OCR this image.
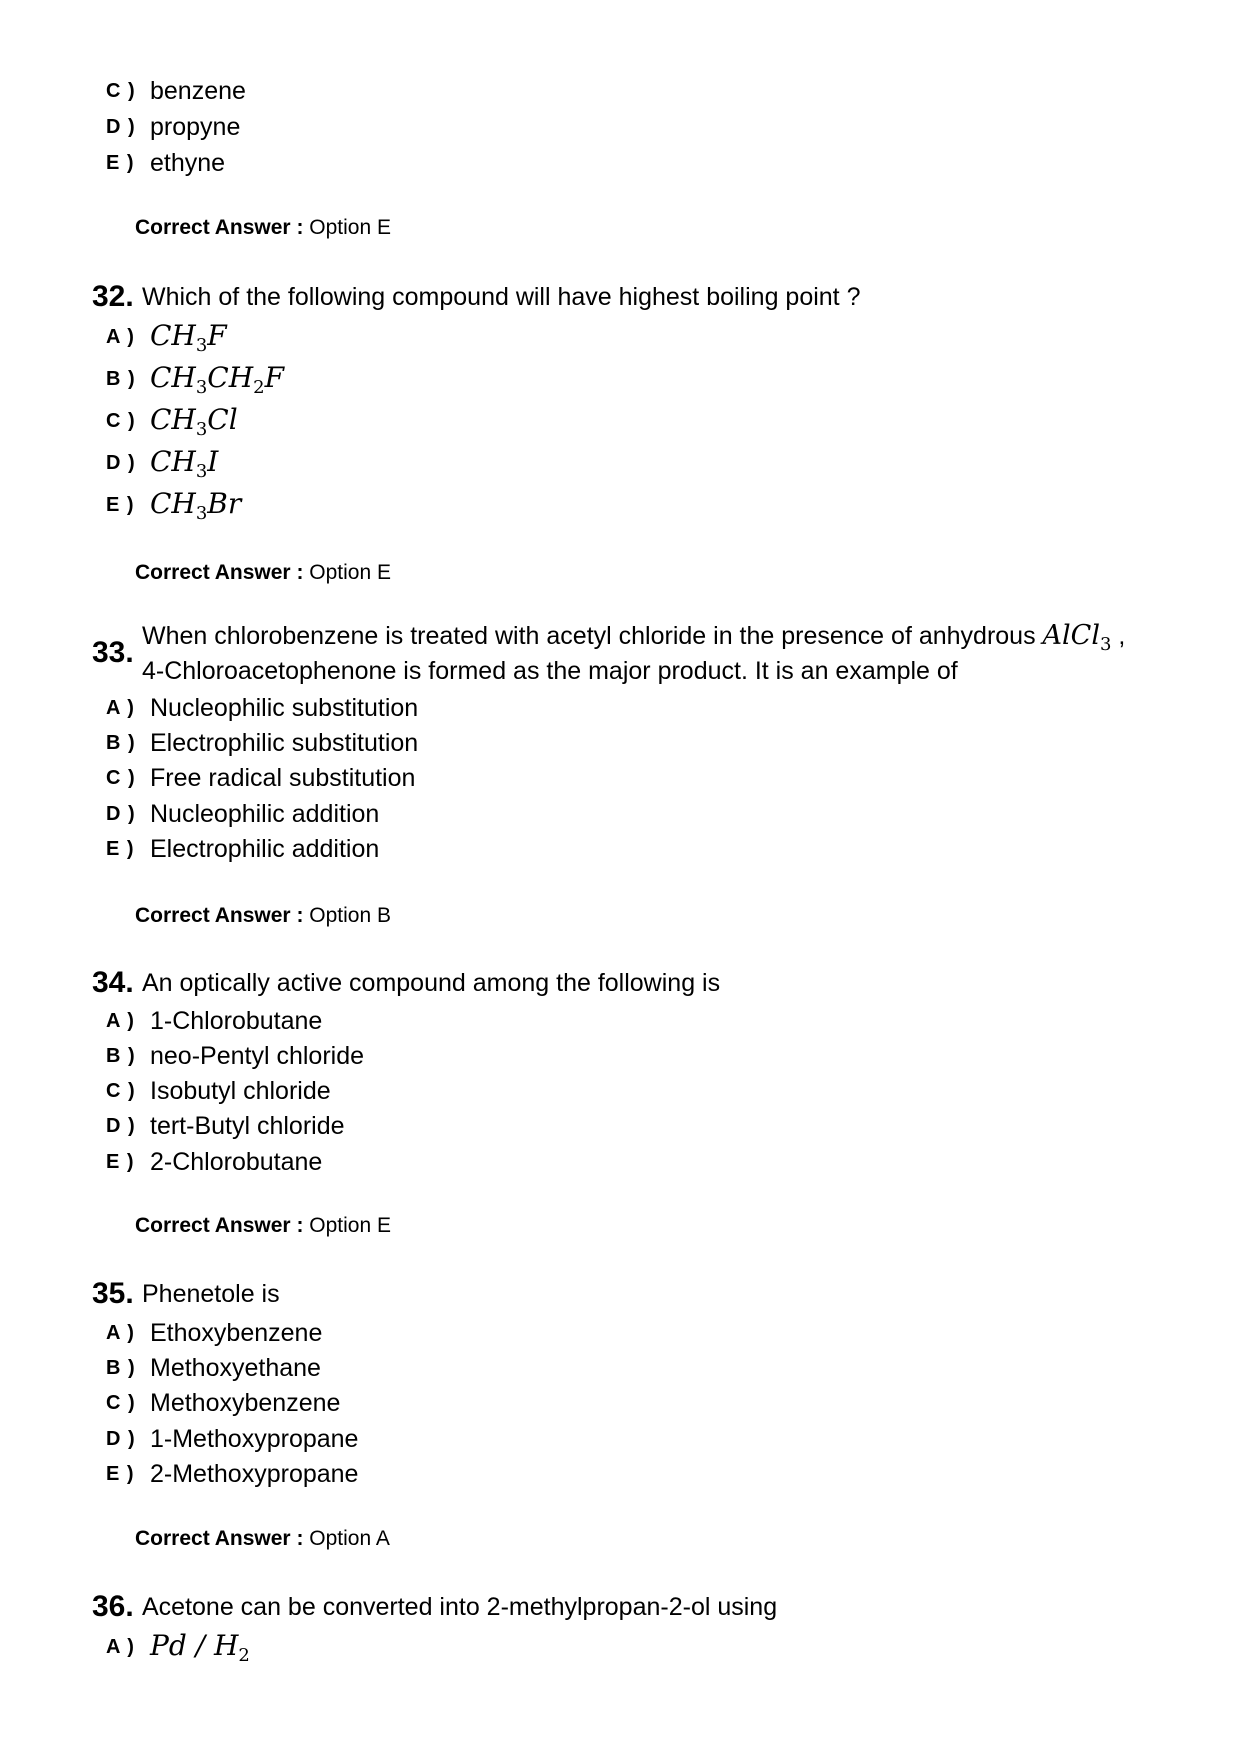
C ) benzene
D ) propyne
E ) ethyne
Correct Answer : Option E
32. Which of the following compound will have highest boiling point ?
A ) $CH_3F$
B ) $CH_3CH_2F$
C ) $CH_3Cl$
D ) $CH_3I$
E ) $CH_3Br$
Correct Answer : Option E
33. When chlorobenzene is treated with acetyl chloride in the presence of anhydrous AlCl$_3$ ,
4-Chloroacetophenone is formed as the major product. It is an example of
A ) Nucleophilic substitution
B ) Electrophilic substitution
C ) Free radical substitution
D ) Nucleophilic addition
E ) Electrophilic addition
Correct Answer : Option B
34. An optically active compound among the following is
A ) 1-Chlorobutane
B ) neo-Pentyl chloride
C ) Isobutyl chloride
D ) tert-Butyl chloride
E ) 2-Chlorobutane
Correct Answer : Option E
35. Phenetole is
A ) Ethoxybenzene
B ) Methoxyethane
C ) Methoxybenzene
D ) 1-Methoxypropane
E ) 2-Methoxypropane
Correct Answer : Option A
36. Acetone can be converted into 2-methylpropan-2-ol using
A ) Pd / $H_2$
